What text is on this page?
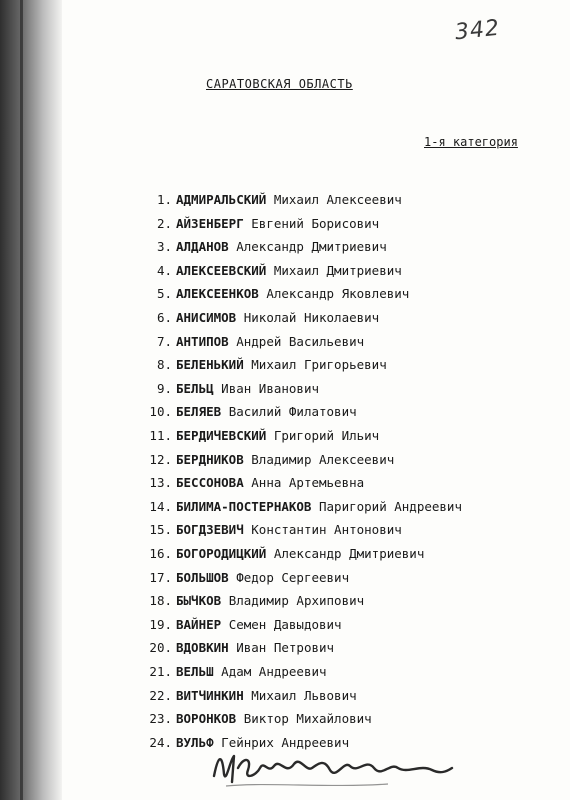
342
САРАТОВСКАЯ ОБЛАСТЬ
1-я категория
1. АДМИРАЛЬСКИЙ Михаил Алексеевич
2. АЙЗЕНБЕРГ Евгений Борисович
3. АЛДАНОВ Александр Дмитриевич
4. АЛЕКСЕЕВСКИЙ Михаил Дмитриевич
5. АЛЕКСЕЕНКОВ Александр Яковлевич
6. АНИСИМОВ Николай Николаевич
7. АНТИПОВ Андрей Васильевич
8. БЕЛЕНЬКИЙ Михаил Григорьевич
9. БЕЛЬЦ Иван Иванович
10. БЕЛЯЕВ Василий Филатович
11. БЕРДИЧЕВСКИЙ Григорий Ильич
12. БЕРДНИКОВ Владимир Алексеевич
13. БЕССОНОВА Анна Артемьевна
14. БИЛИМА-ПОСТЕРНАКОВ Паригорий Андреевич
15. БОГДЗЕВИЧ Константин Антонович
16. БОГОРОДИЦКИЙ Александр Дмитриевич
17. БОЛЬШОВ Федор Сергеевич
18. БЫЧКОВ Владимир Архипович
19. ВАЙНЕР Семен Давыдович
20. ВДОВКИН Иван Петрович
21. ВЕЛЬШ Адам Андреевич
22. ВИТЧИНКИН Михаил Львович
23. ВОРОНКОВ Виктор Михайлович
24. ВУЛЬФ Гейнрих Андреевич
